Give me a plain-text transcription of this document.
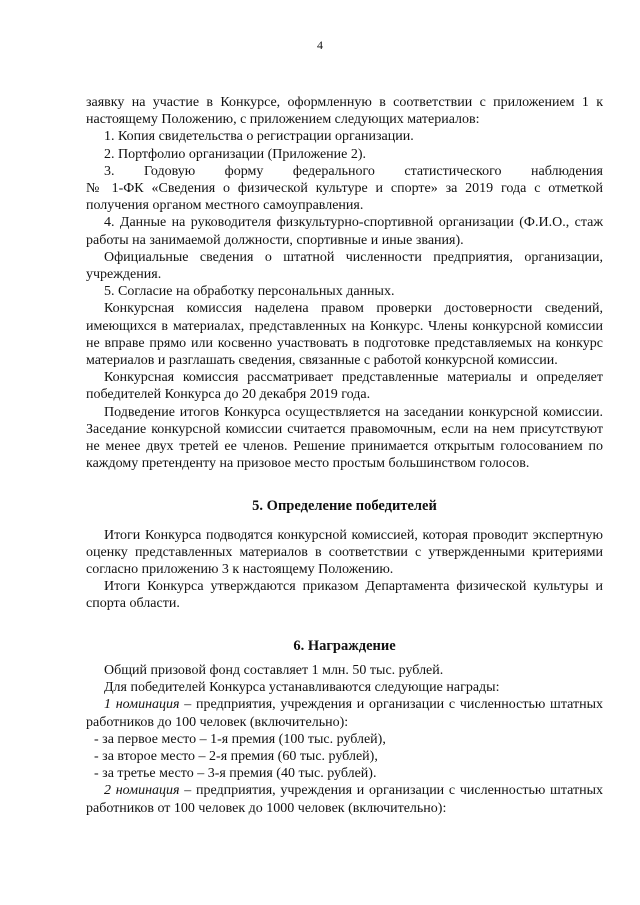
4

заявку на участие в Конкурсе, оформленную в соответствии с приложением 1 к

настоящему Положению, с приложением следующих материалов:

1. Копия свидетельства о регистрации организации.

2. Портфолио организации (Приложение 2).

3. Годовую форму федерального статистического наблюдения

№ 1-ФК «Сведения о физической культуре и спорте» за 2019 года с отметкой получения органом местного самоуправления.

4. Данные на руководителя физкультурно-спортивной организации (Ф.И.О., стаж работы на занимаемой должности, спортивные и иные звания).

Официальные сведения о штатной численности предприятия, организации, учреждения.

5. Согласие на обработку персональных данных.

Конкурсная комиссия наделена правом проверки достоверности сведений, имеющихся в материалах, представленных на Конкурс. Члены конкурсной комиссии не вправе прямо или косвенно участвовать в подготовке представляемых на конкурс материалов и разглашать сведения, связанные с работой конкурсной комиссии.

Конкурсная комиссия рассматривает представленные материалы и определяет победителей Конкурса до 20 декабря 2019 года.

Подведение итогов Конкурса осуществляется на заседании конкурсной комиссии. Заседание конкурсной комиссии считается правомочным, если на нем присутствуют не менее двух третей ее членов. Решение принимается открытым голосованием по каждому претенденту на призовое место простым большинством голосов.

5. Определение победителей

Итоги Конкурса подводятся конкурсной комиссией, которая проводит экспертную оценку представленных материалов в соответствии с утвержденными критериями согласно приложению 3 к настоящему Положению.

Итоги Конкурса утверждаются приказом Департамента физической культуры и спорта области.

6. Награждение

Общий призовой фонд составляет 1 млн. 50 тыс. рублей.

Для победителей Конкурса устанавливаются следующие награды:

1 номинация – предприятия, учреждения и организации с численностью штатных работников до 100 человек (включительно):

- за первое место – 1-я премия (100 тыс. рублей),

- за второе место – 2-я премия (60 тыс. рублей),

- за третье место – 3-я премия (40 тыс. рублей).

2 номинация – предприятия, учреждения и организации с численностью штатных работников от 100 человек до 1000 человек (включительно):
